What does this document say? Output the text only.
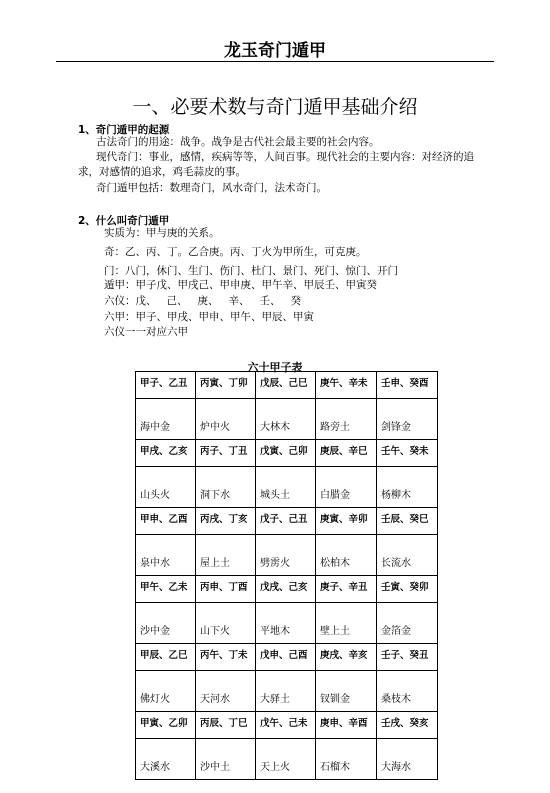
龙玉奇门遁甲
一、必要术数与奇门遁甲基础介绍
1、奇门遁甲的起源
古法奇门的用途：战争。战争是古代社会最主要的社会内容。
现代奇门：事业，感情，疾病等等，人间百事。现代社会的主要内容：对经济的追求，对感情的追求，鸡毛蒜皮的事。
奇门遁甲包括：数理奇门，风水奇门，法术奇门。
2、什么叫奇门遁甲
实质为：甲与庚的关系。
奇：乙、丙、丁。乙合庚。丙、丁火为甲所生，可克庚。
门：八门，休门、生门、伤门、杜门、景门、死门、惊门、开门
遁甲：甲子戊、甲戌己、甲申庚、甲午辛、甲辰壬、甲寅癸
六仪：戊、   己、   庚、   辛、   壬、   癸
六甲：甲子、甲戌、甲申、甲午、甲辰、甲寅
六仪一一对应六甲
六十甲子表
甲子、乙丑	丙寅、丁卯	戊辰、己巳	庚午、辛未	壬申、癸酉
海中金	炉中火	大林木	路旁土	剑锋金
甲戌、乙亥	丙子、丁丑	戊寅、己卯	庚辰、辛巳	壬午、癸未
山头火	洞下水	城头土	白腊金	杨柳木
甲申、乙酉	丙戌、丁亥	戊子、己丑	庚寅、辛卯	壬辰、癸巳
泉中水	屋上土	劈雳火	松柏木	长流水
甲午、乙未	丙申、丁酉	戊戌、己亥	庚子、辛丑	壬寅、癸卯
沙中金	山下火	平地木	壁上土	金箔金
甲辰、乙巳	丙午、丁未	戊申、己酉	庚戌、辛亥	壬子、癸丑
佛灯火	天河水	大驿土	钗钏金	桑枝木
甲寅、乙卯	丙辰、丁巳	戊午、己未	庚申、辛酉	壬戌、癸亥
大溪水	沙中土	天上火	石榴木	大海水
